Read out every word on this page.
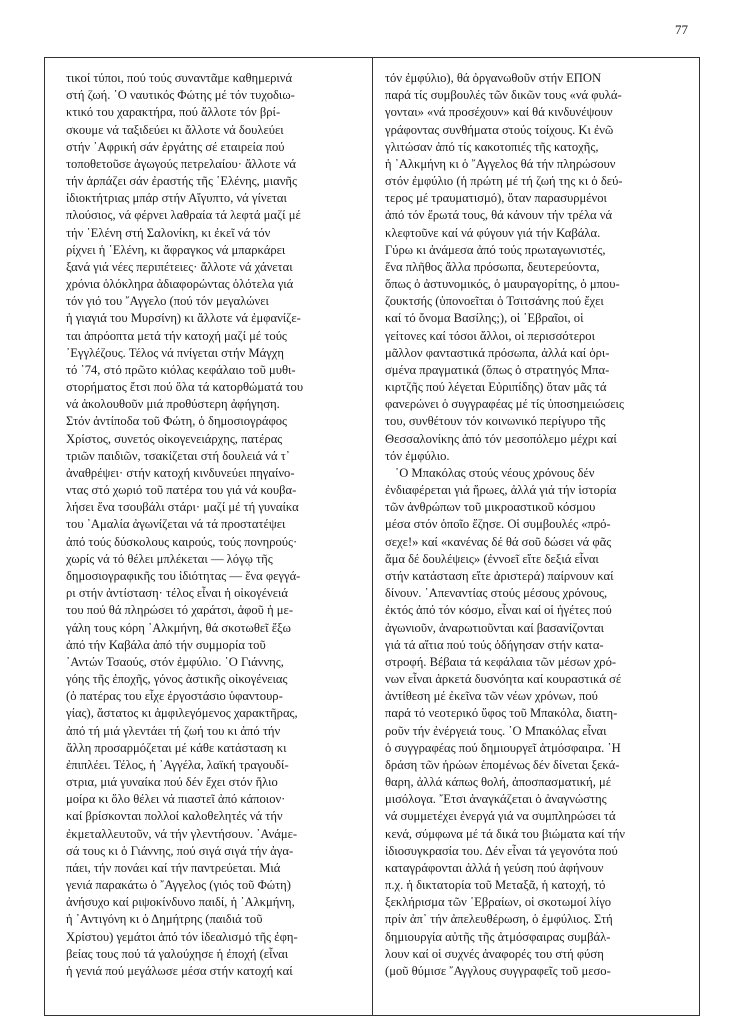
77
τικοί τύποι, πού τούς συναντᾶμε καθημερινά
στή ζωή. ῾Ο ναυτικός Φώτης μέ τόν τυχοδιω-
κτικό του χαρακτήρα, πού ἄλλοτε τόν βρί-
σκουμε νά ταξιδεύει κι ἄλλοτε νά δουλεύει
στήν ᾿Αφρική σάν ἐργάτης σέ εταιρεία πού
τοποθετοῦσε ἀγωγούς πετρελαίου· ἄλλοτε νά
τήν ἁρπάζει σάν ἐραστής τῆς ῾Ελένης, μιανῆς
ἰδιοκτήτριας μπάρ στήν Αἴγυπτο, νά γίνεται
πλούσιος, νά φέρνει λαθραία τά λεφτά μαζί μέ
τήν ῾Ελένη στή Σαλονίκη, κι ἐκεῖ νά τόν
ρίχνει ἡ ῾Ελένη, κι ἄφραγκος νά μπαρκάρει
ξανά γιά νέες περιπέτειες· ἄλλοτε νά χάνεται
χρόνια ὁλόκληρα ἀδιαφορώντας ὁλότελα γιά
τόν γιό του ῎Αγγελο (πού τόν μεγαλώνει
ἡ γιαγιά του Μυρσίνη) κι ἄλλοτε νά ἐμφανίζε-
ται ἀπρόοπτα μετά τήν κατοχή μαζί μέ τούς
᾿Εγγλέζους. Τέλος νά πνίγεται στήν Μάγχη
τό ᾿74, στό πρῶτο κιόλας κεφάλαιο τοῦ μυθι-
στορήματος ἔτσι πού ὅλα τά κατορθώματά του
νά ἀκολουθοῦν μιά προθύστερη ἀφήγηση.
Στόν ἀντίποδα τοῦ Φώτη, ὁ δημοσιογράφος
Χρίστος, συνετός οἰκογενειάρχης, πατέρας
τριῶν παιδιῶν, τσακίζεται στή δουλειά νά τ᾿
ἀναθρέψει· στήν κατοχή κινδυνεύει πηγαίνο-
ντας στό χωριό τοῦ πατέρα του γιά νά κουβα-
λήσει ἕνα τσουβάλι στάρι· μαζί μέ τή γυναίκα
του ᾿Αμαλία ἀγωνίζεται νά τά προστατέψει
ἀπό τούς δύσκολους καιρούς, τούς πονηρούς·
χωρίς νά τό θέλει μπλέκεται — λόγῳ τῆς
δημοσιογραφικῆς του ἰδιότητας — ἕνα φεγγά-
ρι στήν ἀντίσταση· τέλος εἶναι ἡ οἰκογένειά
του πού θά πληρώσει τό χαράτσι, ἀφοῦ ἡ με-
γάλη τους κόρη ᾿Αλκμήνη, θά σκοτωθεῖ ἔξω
ἀπό τήν Καβάλα ἀπό τήν συμμορία τοῦ
᾿Αντών Τσαούς, στόν ἐμφύλιο. ῾Ο Γιάννης,
γόης τῆς ἐποχῆς, γόνος ἀστικῆς οἰκογένειας
(ὁ πατέρας του εἶχε ἐργοστάσιο ὑφαντουρ-
γίας), ἄστατος κι ἀμφιλεγόμενος χαρακτῆρας,
ἀπό τή μιά γλεντάει τή ζωή του κι ἀπό τήν
ἄλλη προσαρμόζεται μέ κάθε κατάσταση κι
ἐπιπλέει. Τέλος, ἡ ᾿Αγγέλα, λαϊκή τραγουδί-
στρια, μιά γυναίκα πού δέν ἔχει στόν ἥλιο
μοίρα κι ὅλο θέλει νά πιαστεῖ ἀπό κάποιον·
καί βρίσκονται πολλοί καλοθελητές νά τήν
ἐκμεταλλευτοῦν, νά τήν γλεντήσουν. ᾿Ανάμε-
σά τους κι ὁ Γιάννης, πού σιγά σιγά τήν ἀγα-
πάει, τήν πονάει καί τήν παντρεύεται. Μιά
γενιά παρακάτω ὁ ῎Αγγελος (γιός τοῦ Φώτη)
ἀνήσυχο καί ριψοκίνδυνο παιδί, ἡ ᾿Αλκμήνη,
ἡ ᾿Αντιγόνη κι ὁ Δημήτρης (παιδιά τοῦ
Χρίστου) γεμάτοι ἀπό τόν ἰδεαλισμό τῆς ἐφη-
βείας τους πού τά γαλούχησε ἡ ἐποχή (εἶναι
ἡ γενιά πού μεγάλωσε μέσα στήν κατοχή καί
τόν ἐμφύλιο), θά ὀργανωθοῦν στήν ΕΠΟΝ
παρά τίς συμβουλές τῶν δικῶν τους «νά φυλά-
γονται» «νά προσέχουν» καί θά κινδυνέψουν
γράφοντας συνθήματα στούς τοίχους. Κι ἐνῶ
γλιτώσαν ἀπό τίς κακοτοπιές τῆς κατοχῆς,
ἡ ᾿Αλκμήνη κι ὁ ῎Αγγελος θά τήν πληρώσουν
στόν ἐμφύλιο (ἡ πρώτη μέ τή ζωή της κι ὁ δεύ-
τερος μέ τραυματισμό), ὅταν παρασυρμένοι
ἀπό τόν ἔρωτά τους, θά κάνουν τήν τρέλα νά
κλεφτοῦνε καί νά φύγουν γιά τήν Καβάλα.
Γύρω κι ἀνάμεσα ἀπό τούς πρωταγωνιστές,
ἕνα πλῆθος ἄλλα πρόσωπα, δευτερεύοντα,
ὅπως ὁ ἀστυνομικός, ὁ μαυραγορίτης, ὁ μπου-
ζουκτσής (ὑπονοεῖται ὁ Τσιτσάνης πού ἔχει
καί τό ὄνομα Βασίλης;), οἱ ῾Εβραῖοι, οἱ
γείτονες καί τόσοι ἄλλοι, οἱ περισσότεροι
μᾶλλον φανταστικά πρόσωπα, ἀλλά καί ὁρι-
σμένα πραγματικά (ὅπως ὁ στρατηγός Μπα-
κιρτζῆς πού λέγεται Εὐριπίδης) ὅταν μᾶς τά
φανερώνει ὁ συγγραφέας μέ τίς ὑποσημειώσεις
του, συνθέτουν τόν κοινωνικό περίγυρο τῆς
Θεσσαλονίκης ἀπό τόν μεσοπόλεμο μέχρι καί
τόν ἐμφύλιο.
῾Ο Μπακόλας στούς νέους χρόνους δέν
ἐνδιαφέρεται γιά ἥρωες, ἀλλά γιά τήν ἱστορία
τῶν ἀνθρώπων τοῦ μικροαστικοῦ κόσμου
μέσα στόν ὁποῖο ἔζησε. Οἱ συμβουλές «πρό-
σεχε!» καί «κανένας δέ θά σοῦ δώσει νά φᾶς
ἅμα δέ δουλέψεις» (ἐννοεῖ εἴτε δεξιά εἶναι
στήν κατάσταση εἴτε ἀριστερά) παίρνουν καί
δίνουν. ᾿Απεναντίας στούς μέσους χρόνους,
ἐκτός ἀπό τόν κόσμο, εἶναι καί οἱ ἡγέτες πού
ἀγωνιοῦν, ἀναρωτιοῦνται καί βασανίζονται
γιά τά αἴτια πού τούς ὁδήγησαν στήν κατα-
στροφή. Βέβαια τά κεφάλαια τῶν μέσων χρό-
νων εἶναι ἀρκετά δυσνόητα καί κουραστικά σέ
ἀντίθεση μέ ἐκεῖνα τῶν νέων χρόνων, πού
παρά τό νεοτερικό ὕφος τοῦ Μπακόλα, διατη-
ροῦν τήν ἐνέργειά τους. ῾Ο Μπακόλας εἶναι
ὁ συγγραφέας πού δημιουργεῖ ἀτμόσφαιρα. ῾Η
δράση τῶν ἡρώων ἑπομένως δέν δίνεται ξεκά-
θαρη, ἀλλά κάπως θολή, ἀποσπασματική, μέ
μισόλογα. ῎Ετσι ἀναγκάζεται ὁ ἀναγνώστης
νά συμμετέχει ἐνεργά γιά να συμπληρώσει τά
κενά, σύμφωνα μέ τά δικά του βιώματα καί τήν
ἰδιοσυγκρασία του. Δέν εἶναι τά γεγονότα πού
καταγράφονται ἀλλά ἡ γεύση πού ἀφήνουν
π.χ. ἡ δικτατορία τοῦ Μεταξᾶ, ἡ κατοχή, τό
ξεκλήρισμα τῶν ῾Εβραίων, οἱ σκοτωμοί λίγο
πρίν ἀπ᾿ τήν ἀπελευθέρωση, ὁ ἐμφύλιος. Στή
δημιουργία αὐτῆς τῆς ἀτμόσφαιρας συμβάλ-
λουν καί οἱ συχνές ἀναφορές του στή φύση
(μοῦ θύμισε ῎Αγγλους συγγραφεῖς τοῦ μεσο-
